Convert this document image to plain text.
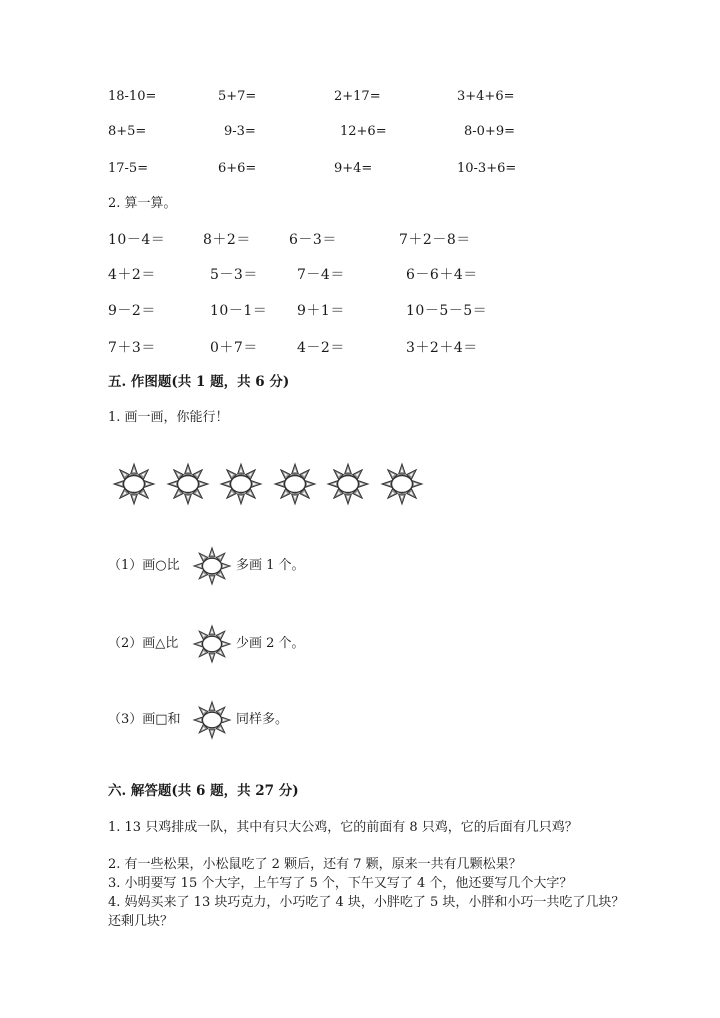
18-10=	5+7=	2+17=	3+4+6=
8+5=	9-3=	12+6=	8-0+9=
17-5=	6+6=	9+4=	10-3+6=
2. 算一算。
10－4＝	8＋2＝	6－3＝	7＋2－8＝
4＋2＝	5－3＝	7－4＝	6－6＋4＝
9－2＝	10－1＝ 9＋1＝	10－5－5＝
7＋3＝	0＋7＝	4－2＝	3＋2＋4＝
五. 作图题(共 1 题，共 6 分)
1. 画一画，你能行！
（1）画○比	多画 1 个。
（2）画△比	少画 2 个。
（3）画□和	同样多。
六. 解答题(共 6 题，共 27 分)
1. 13 只鸡排成一队，其中有只大公鸡，它的前面有 8 只鸡，它的后面有几只鸡？
2. 有一些松果，小松鼠吃了 2 颗后，还有 7 颗，原来一共有几颗松果？
3. 小明要写 15 个大字，上午写了 5 个，下午又写了 4 个，他还要写几个大字？
4. 妈妈买来了 13 块巧克力，小巧吃了 4 块，小胖吃了 5 块，小胖和小巧一共吃了几块？还剩几块？
